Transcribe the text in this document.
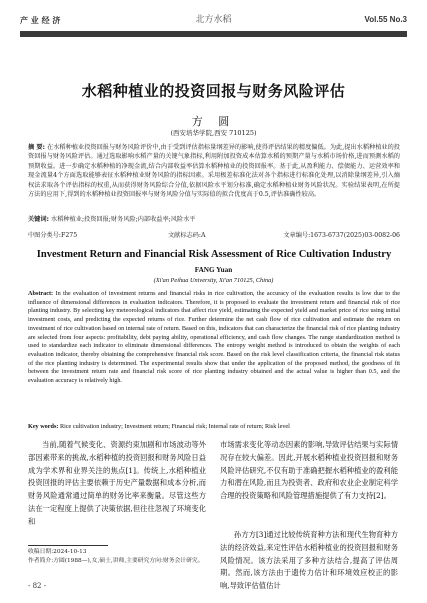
产 业 经 济	北方水稻	Vol.55 No.3
水稻种植业的投资回报与财务风险评估
方 圆
(西安培华学院,西安 710125)
摘 要: 在水稻种植业投资回报与财务风险评价中,由于受到评估指标量纲差异的影响,使得评估结果的精度偏低。为此,提出水稻种植业的投资回报与财务风险评估。通过选取影响水稻产量的关键气象指标,利用附加投资成本估算水稻的预期产量与水稻市场价格,进而预测水稻的预期收益。进一步确定水稻种植的净现金流,结合内部收益率估算水稻种植业的投资回报率。基于此,从盈利能力、偿债能力、运营效率和现金流量4个方面选取能够表征水稻种植业财务风险的指标因素。采用极差标准化法对各个指标进行标准化处理,以消除量纲差异,引入熵权法求取各个评估指标的权重,从而获得财务风险综合分值,依据风险水平划分标准,确定水稻种植业财务风险状况。实验结果表明,在所提方法的应用下,得到的水稻种植业投资回报率与财务风险分值与实际值的拟合优度高于0.5,评估准确性较高。
关键词: 水稻种植业;投资回报;财务风险;内部收益率;风险水平
中图分类号:F275	文献标志码:A	文章编号:1673-6737(2025)03-0082-06
Investment Return and Financial Risk Assessment of Rice Cultivation Industry
FANG Yuan
(Xi'an Peihua University, Xi'an 710125, China)
Abstract: In the evaluation of investment returns and financial risks in rice cultivation, the accuracy of the evaluation results is low due to the influence of dimensional differences in evaluation indicators. Therefore, it is proposed to evaluate the investment return and financial risk of rice planting industry. By selecting key meteorological indicators that affect rice yield, estimating the expected yield and market price of rice using initial investment costs, and predicting the expected returns of rice. Further determine the net cash flow of rice cultivation and estimate the return on investment of rice cultivation based on internal rate of return. Based on this, indicators that can characterize the financial risk of rice planting industry are selected from four aspects: profitability, debt paying ability, operational efficiency, and cash flow changes. The range standardization method is used to standardize each indicator to eliminate dimensional differences. The entropy weight method is introduced to obtain the weights of each evaluation indicator, thereby obtaining the comprehensive financial risk score. Based on the risk level classification criteria, the financial risk status of the rice planting industry is determined. The experimental results show that under the application of the proposed method, the goodness of fit between the investment return rate and financial risk score of rice planting industry obtained and the actual value is higher than 0.5, and the evaluation accuracy is relatively high.
Key words: Rice cultivation industry; Investment return; Financial risk; Internal rate of return; Risk level
当前,随着气候变化、资源约束加剧和市场波动等外部因素带来的挑战,水稻种植的投资回报和财务风险日益成为学术界和业界关注的焦点[1]。传统上,水稻种植业投资回报的评估主要依赖于历史产量数据和成本分析,而财务风险通常通过简单的财务比率来衡量。尽管这些方法在一定程度上提供了决策依据,但往往忽视了环境变化和
市场需求变化等动态因素的影响,导致评估结果与实际情况存在较大偏差。因此,开展水稻种植业投资回报和财务风险评估研究,不仅有助于准确把握水稻种植业的盈利能力和潜在风险,而且为投资者、政府和农业企业制定科学合理的投资策略和风险管理措施提供了有力支持[2]。
孙方方[3]通过比较传统育种方法和现代生物育种方法的经济效益,来定性评估水稻种植业的投资回报和财务风险情况。该方法采用了多种方法结合,提高了评估周期。然而,该方法由于遗传力估计和环境效应校正的影响,导致评估值估计
收稿日期:2024-10-13
作者简介:方圆(1988—),女,硕士,讲师,主要研究方向:财务会计研究。
- 82 -
